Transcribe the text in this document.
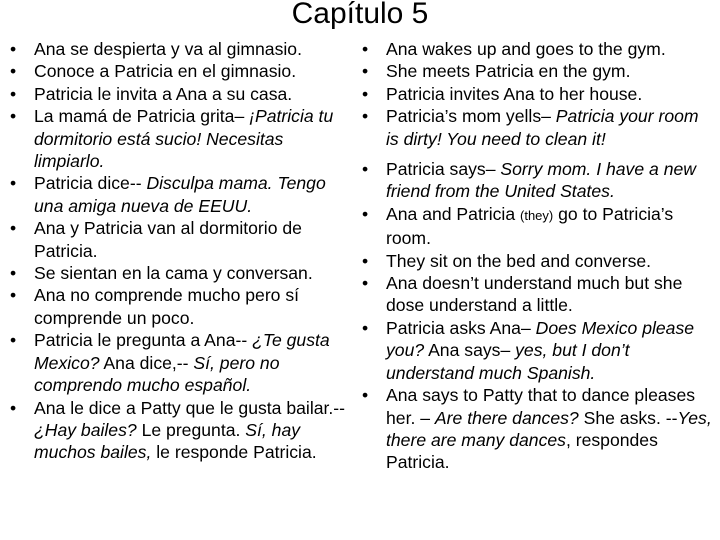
Capítulo 5
• Ana se despierta y va al gimnasio.
• Conoce a Patricia en el gimnasio.
• Patricia le invita a Ana a su casa.
• La mamá de Patricia grita– ¡Patricia tu dormitorio está sucio! Necesitas limpiarlo.
• Patricia dice-- Disculpa mama. Tengo una amiga nueva de EEUU.
• Ana y Patricia van al dormitorio de Patricia.
• Se sientan en la cama y conversan.
• Ana no comprende mucho pero sí comprende un poco.
• Patricia le pregunta a Ana-- ¿Te gusta Mexico? Ana dice,-- Sí, pero no comprendo mucho español.
• Ana le dice a Patty que le gusta bailar.-- ¿Hay bailes? Le pregunta. Sí, hay muchos bailes, le responde Patricia.
• Ana wakes up and goes to the gym.
• She meets Patricia en the gym.
• Patricia invites Ana to her house.
• Patricia’s mom yells– Patricia your room is dirty! You need to clean it!
• Patricia says– Sorry mom. I have a new friend from the United States.
• Ana and Patricia (they) go to Patricia’s room.
• They sit on the bed and converse.
• Ana doesn’t understand much but she dose understand a little.
• Patricia asks Ana– Does Mexico please you? Ana says– yes, but I don’t understand much Spanish.
• Ana says to Patty that to dance pleases her. – Are there dances? She asks. --Yes, there are many dances, respondes Patricia.
